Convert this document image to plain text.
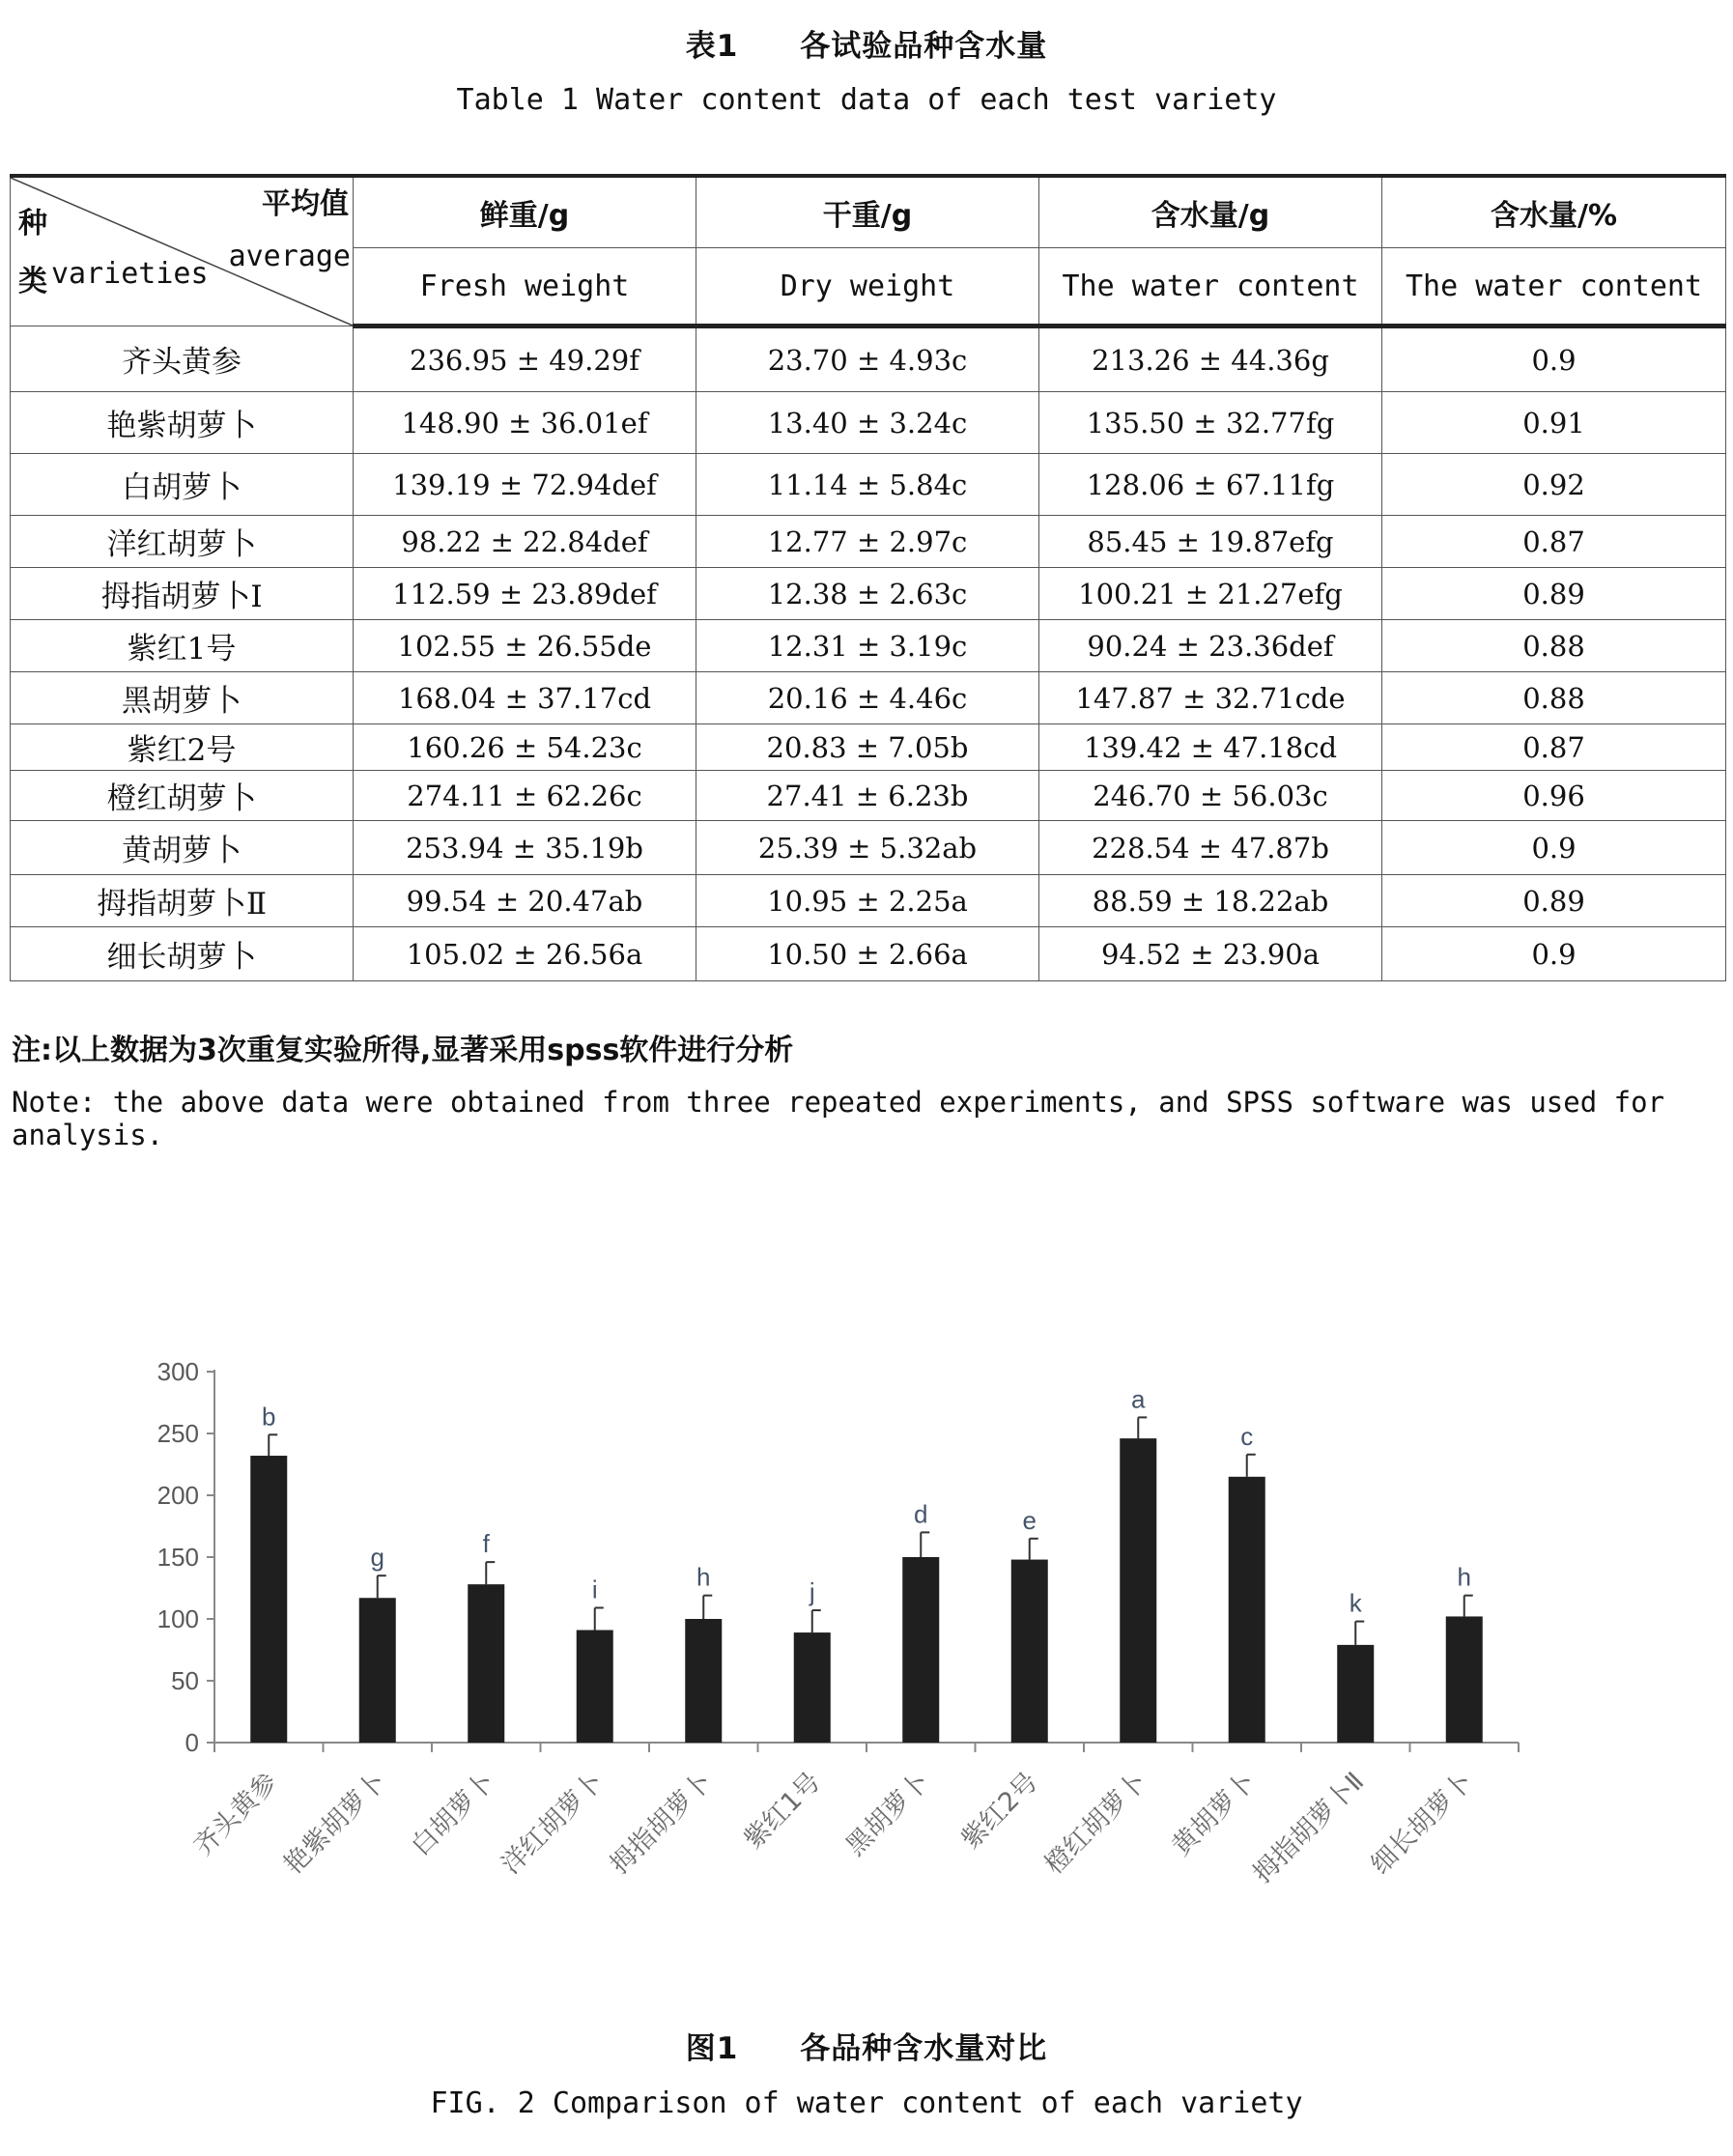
表1　　各试验品种含水量
Table 1 Water content data of each test variety
平均值
average
种
类 varieties	鲜重/g	干重/g	含水量/g	含水量/%
	Fresh weight	Dry weight	The water content	The water content
齐头黄参	236.95 ± 49.29f	23.70 ± 4.93c	213.26 ± 44.36g	0.9
艳紫胡萝卜	148.90 ± 36.01ef	13.40 ± 3.24c	135.50 ± 32.77fg	0.91
白胡萝卜	139.19 ± 72.94def	11.14 ± 5.84c	128.06 ± 67.11fg	0.92
洋红胡萝卜	98.22 ± 22.84def	12.77 ± 2.97c	85.45 ± 19.87efg	0.87
拇指胡萝卜Ⅰ	112.59 ± 23.89def	12.38 ± 2.63c	100.21 ± 21.27efg	0.89
紫红1号	102.55 ± 26.55de	12.31 ± 3.19c	90.24 ± 23.36def	0.88
黑胡萝卜	168.04 ± 37.17cd	20.16 ± 4.46c	147.87 ± 32.71cde	0.88
紫红2号	160.26 ± 54.23c	20.83 ± 7.05b	139.42 ± 47.18cd	0.87
橙红胡萝卜	274.11 ± 62.26c	27.41 ± 6.23b	246.70 ± 56.03c	0.96
黄胡萝卜	253.94 ± 35.19b	25.39 ± 5.32ab	228.54 ± 47.87b	0.9
拇指胡萝卜Ⅱ	99.54 ± 20.47ab	10.95 ± 2.25a	88.59 ± 18.22ab	0.89
细长胡萝卜	105.02 ± 26.56a	10.50 ± 2.66a	94.52 ± 23.90a	0.9
注:以上数据为3次重复实验所得,显著采用spss软件进行分析
Note: the above data were obtained from three repeated experiments, and SPSS software was used for analysis.
0
50
100
150
200
250
300
b
齐头黄参
g
艳紫胡萝卜
f
白胡萝卜
i
洋红胡萝卜
h
拇指胡萝卜
j
紫红1号
d
黑胡萝卜
e
紫红2号
a
橙红胡萝卜
c
黄胡萝卜
k
拇指胡萝卜Ⅱ
h
细长胡萝卜
图1　　各品种含水量对比
FIG. 2 Comparison of water content of each variety
